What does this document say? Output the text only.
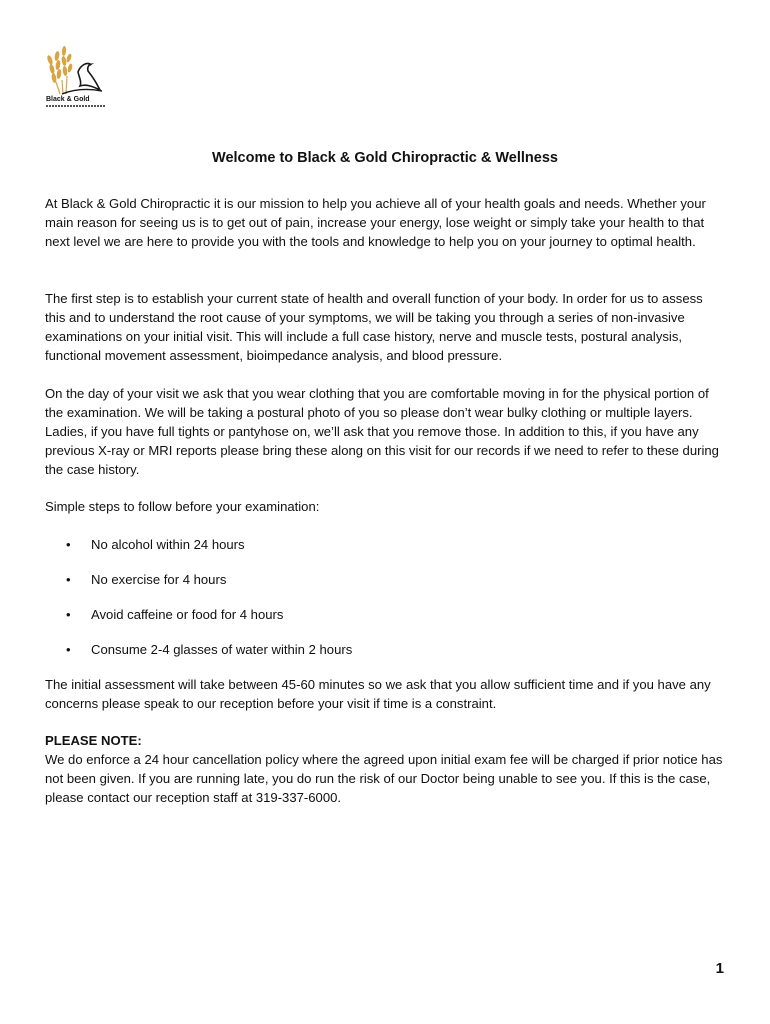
Black & Gold
Welcome to Black & Gold Chiropractic & Wellness

At Black & Gold Chiropractic it is our mission to help you achieve all of your health goals and needs. Whether your main reason for seeing us is to get out of pain, increase your energy, lose weight or simply take your health to that next level we are here to provide you with the tools and knowledge to help you on your journey to optimal health.

The first step is to establish your current state of health and overall function of your body. In order for us to assess this and to understand the root cause of your symptoms, we will be taking you through a series of non-invasive examinations on your initial visit. This will include a full case history, nerve and muscle tests, postural analysis, functional movement assessment, bioimpedance analysis, and blood pressure.

On the day of your visit we ask that you wear clothing that you are comfortable moving in for the physical portion of the examination. We will be taking a postural photo of you so please don’t wear bulky clothing or multiple layers. Ladies, if you have full tights or pantyhose on, we’ll ask that you remove those. In addition to this, if you have any previous X-ray or MRI reports please bring these along on this visit for our records if we need to refer to these during the case history.

Simple steps to follow before your examination:

• No alcohol within 24 hours
• No exercise for 4 hours
• Avoid caffeine or food for 4 hours
• Consume 2-4 glasses of water within 2 hours

The initial assessment will take between 45-60 minutes so we ask that you allow sufficient time and if you have any concerns please speak to our reception before your visit if time is a constraint.

PLEASE NOTE:

We do enforce a 24 hour cancellation policy where the agreed upon initial exam fee will be charged if prior notice has not been given. If you are running late, you do run the risk of our Doctor being unable to see you. If this is the case, please contact our reception staff at 319-337-6000.

1
